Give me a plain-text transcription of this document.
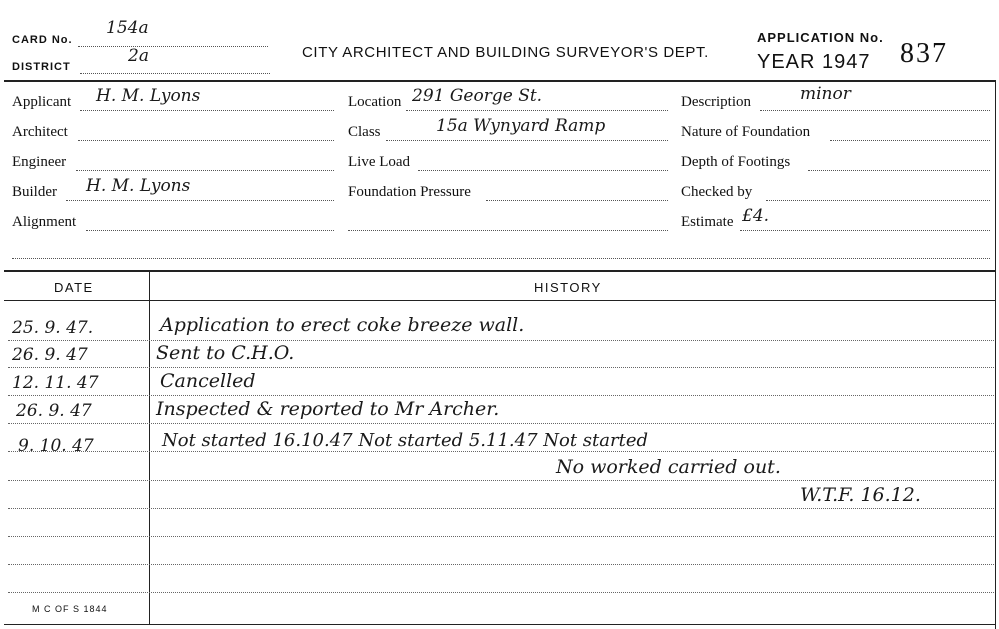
CARD No.
154a
DISTRICT
2a	CITY ARCHITECT AND BUILDING SURVEYOR'S DEPT.
APPLICATION No.
YEAR 1947 837
Applicant H. M. Lyons
Architect
Engineer
Builder H. M. Lyons
Alignment
Location 291 George St.
Class	15a Wynyard Ramp
Live Load
Foundation Pressure
Description	minor
Nature of Foundation
Depth of Footings
Checked by
Estimate £4.
DATE	HISTORY
25. 9. 47.	Application to erect coke breeze wall.
26. 9. 47	Sent to C.H.O.
12. 11. 47	Cancelled
26. 9. 47	Inspected & reported to Mr Archer.
9. 10. 47	Not started 16.10.47 Not started 5.11.47 Not started
No worked carried out.
W.T.F. 16.12.
M C OF S 1844
